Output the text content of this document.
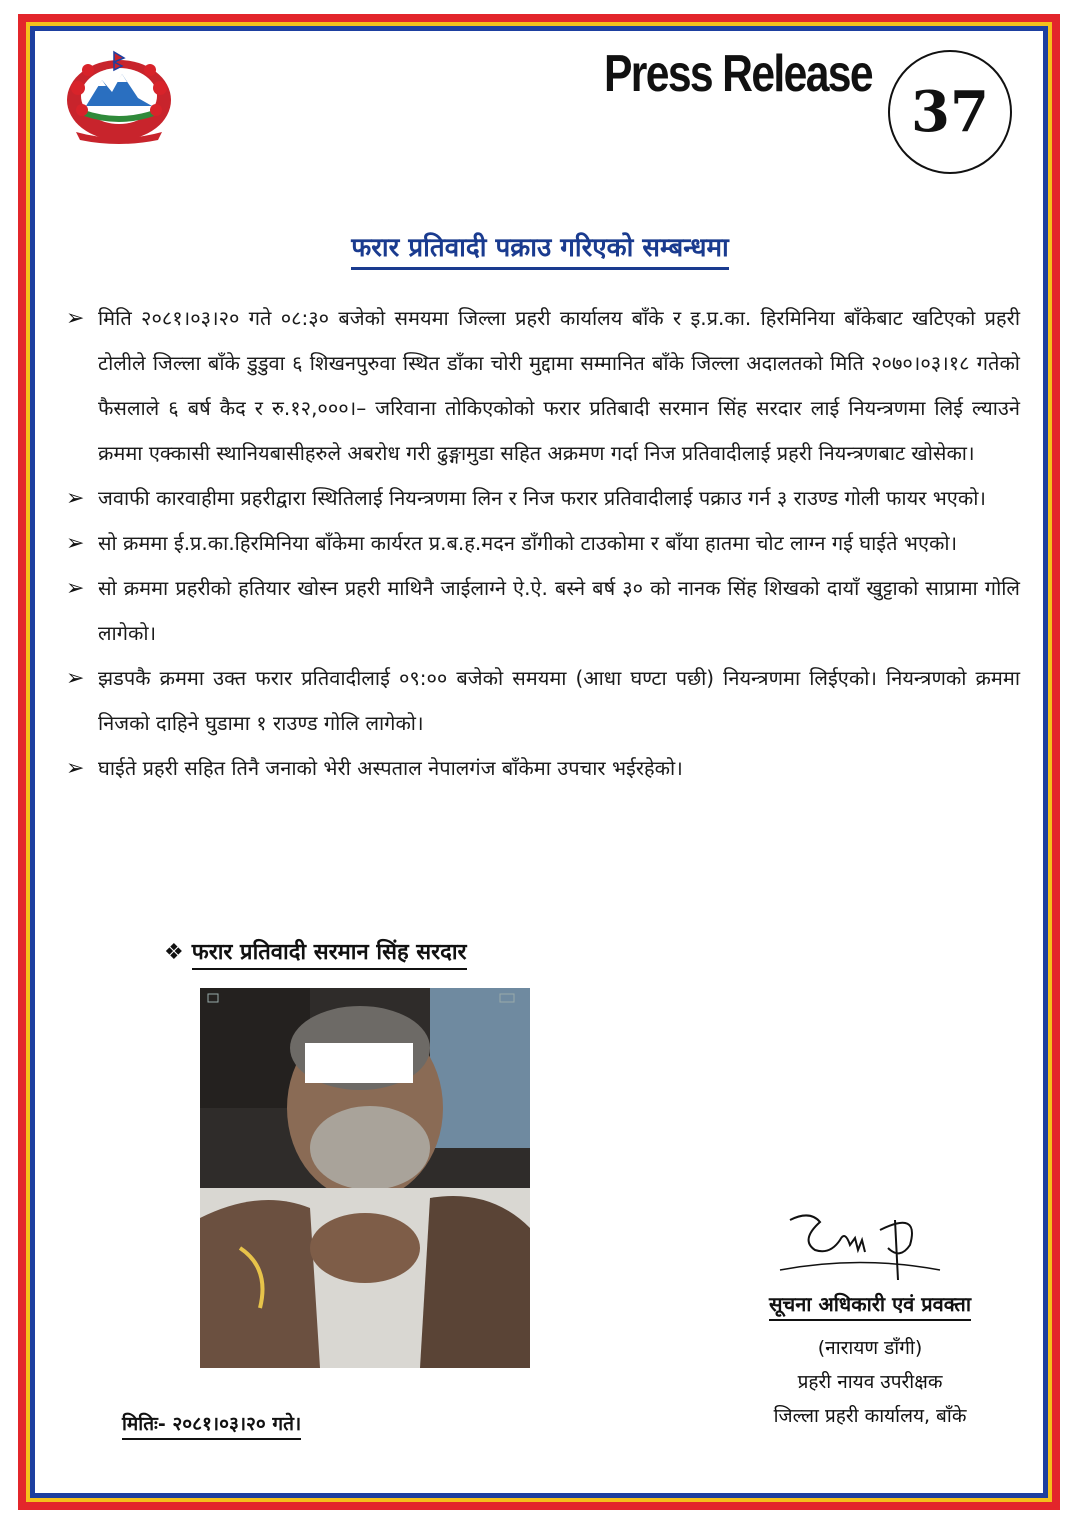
Press Release
37
फरार प्रतिवादी पक्राउ गरिएको सम्बन्धमा
➢ मिति २०८१।०३।२० गते ०८:३० बजेको समयमा जिल्ला प्रहरी कार्यालय बाँके र इ.प्र.का. हिरमिनिया बाँकेबाट खटिएको प्रहरी टोलीले जिल्ला बाँके डुडुवा ६ शिखनपुरुवा स्थित डाँका चोरी मुद्दामा सम्मानित बाँके जिल्ला अदालतको मिति २०७०।०३।१८ गतेको फैसलाले ६ बर्ष कैद र रु.१२,०००।– जरिवाना तोकिएकोको फरार प्रतिबादी सरमान सिंह सरदार लाई नियन्त्रणमा लिई ल्याउने क्रममा एक्कासी स्थानियबासीहरुले अबरोध गरी ढुङ्गामुडा सहित अक्रमण गर्दा निज प्रतिवादीलाई प्रहरी नियन्त्रणबाट खोसेका।
➢ जवाफी कारवाहीमा प्रहरीद्वारा स्थितिलाई नियन्त्रणमा लिन र निज फरार प्रतिवादीलाई पक्राउ गर्न ३ राउण्ड गोली फायर भएको।
➢ सो क्रममा ई.प्र.का.हिरमिनिया बाँकेमा कार्यरत प्र.ब.ह.मदन डाँगीको टाउकोमा र बाँया हातमा चोट लाग्न गई घाईते भएको।
➢ सो क्रममा प्रहरीको हतियार खोस्न प्रहरी माथिनै जाईलाग्ने ऐ.ऐ. बस्ने बर्ष ३० को नानक सिंह शिखको दायाँ खुट्टाको साप्रामा गोलि लागेको।
➢ झडपकै क्रममा उक्त फरार प्रतिवादीलाई ०९:०० बजेको समयमा (आधा घण्टा पछी) नियन्त्रणमा लिईएको। नियन्त्रणको क्रममा निजको दाहिने घुडामा १ राउण्ड गोलि लागेको।
➢ घाईते प्रहरी सहित तिनै जनाको भेरी अस्पताल नेपालगंज बाँकेमा उपचार भईरहेको।
❖ फरार प्रतिवादी सरमान सिंह सरदार
मितिः- २०८१।०३।२० गते।
सूचना अधिकारी एवं प्रवक्ता
(नारायण डाँगी)
प्रहरी नायव उपरीक्षक
जिल्ला प्रहरी कार्यालय, बाँके
